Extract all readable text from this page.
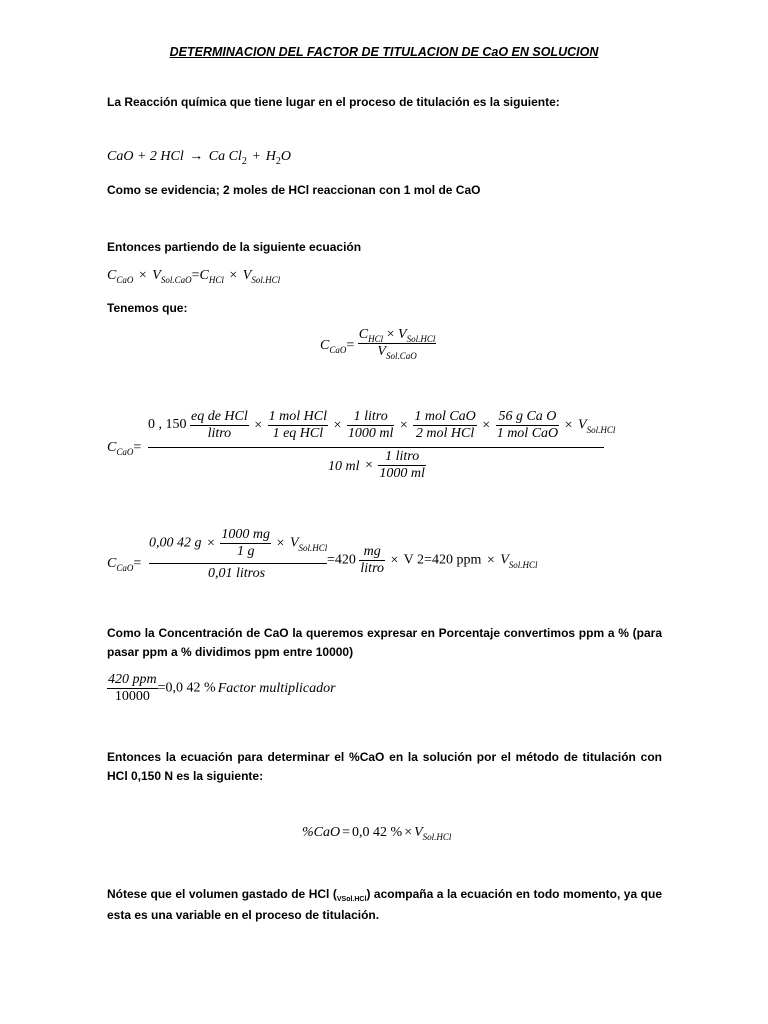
DETERMINACION DEL FACTOR DE TITULACION DE CaO EN SOLUCION
La Reacción química que tiene lugar en el proceso de titulación es la siguiente:
CaO + 2 HCl → Ca $Cl_2 + H_2O$
Como se evidencia; 2 moles de HCl reaccionan con 1 mol de CaO
Entonces partiendo de la siguiente ecuación
$C_{CaO} \times V_{Sol.CaO}=C_{HCl} \times V_{Sol.HCl}$
Tenemos que:
$C_{CaO}= \frac{C_{HCl} \times V_{Sol.HCl}}{V_{Sol.CaO}}$
$C_{CaO}=$
0 , $150 \frac{\text{eq de HCl}}{\text{litro}} \times \frac{\text{1 mol HCl}}{\text{1 eq HCl}} \times \frac{\text{1 litro}}{1000 ml} \times \frac{\text{1 mol CaO}}{\text{2 mol HCl}} \times \frac{\text{56 g Ca O}}{\text{1 mol CaO}} \times V_{Sol.HCl}$
10 ml × $\frac{\text{1 litro}}{1000 ml}$
$C_{CaO}=$
0,00 42 $g \times \frac{1000 mg}{1 g} \times V_{Sol.HCl}$
0,01 litros
$=420 \frac{mg}{\text{litro}} \times V$ 2=420 ppm × $V_{Sol.HCl}$
Como la Concentración de CaO la queremos expresar en Porcentaje convertimos ppm a % (para pasar ppm a % dividimos ppm entre 10000)
$\frac{\text{420 ppm}}{10000} =0,0$ 42 % Factor multiplicador
Entonces la ecuación para determinar el %CaO en la solución por el método de titulación con HCl 0,150 N es la siguiente:
%CaO = 0,0 42 % × $V_{Sol.HCl}$
Nótese que el volumen gastado de HCl $(_{VSol.HCl})$ acompaña a la ecuación en todo momento, ya que esta es una variable en el proceso de titulación.
